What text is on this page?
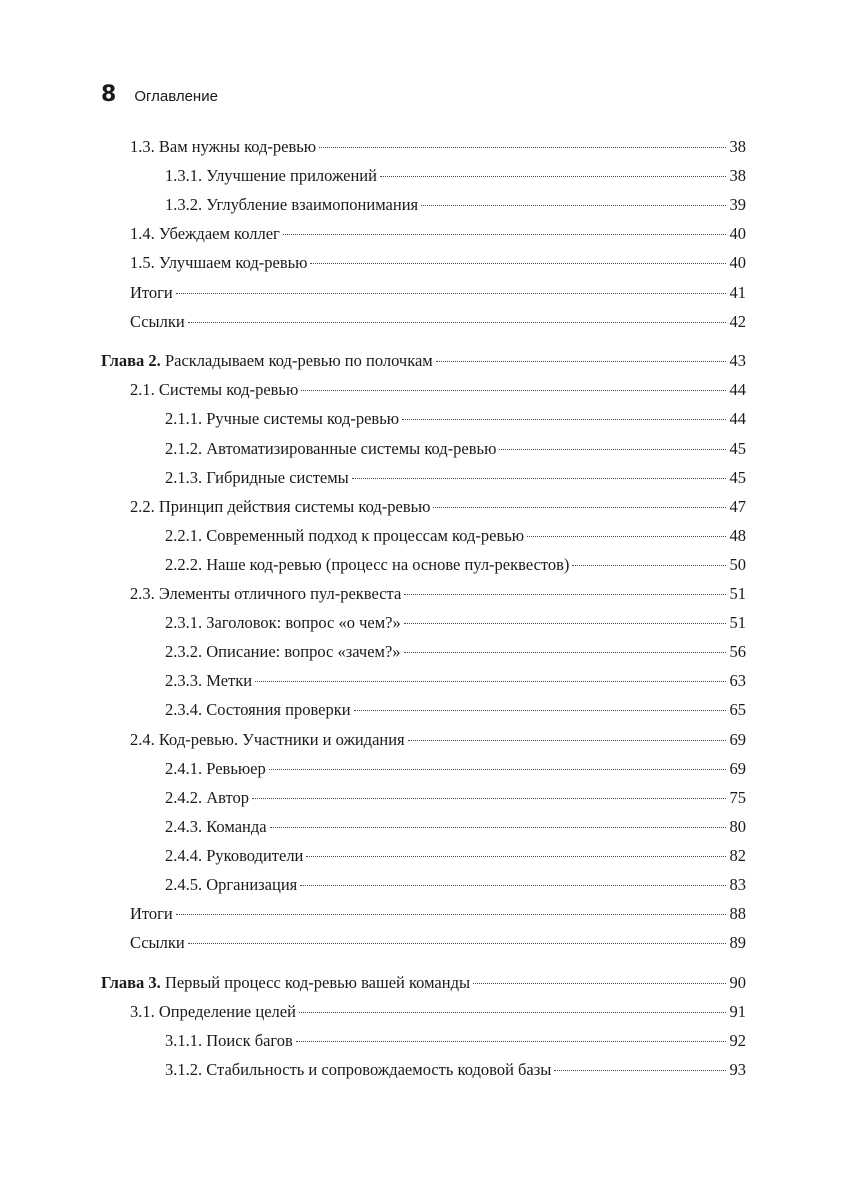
8 Оглавление
1.3. Вам нужны код-ревью	38
1.3.1. Улучшение приложений	38
1.3.2. Углубление взаимопонимания	39
1.4. Убеждаем коллег	40
1.5. Улучшаем код-ревью	40
Итоги	41
Ссылки	42
Глава 2. Раскладываем код-ревью по полочкам	43
2.1. Системы код-ревью	44
2.1.1. Ручные системы код-ревью	44
2.1.2. Автоматизированные системы код-ревью	45
2.1.3. Гибридные системы	45
2.2. Принцип действия системы код-ревью	47
2.2.1. Современный подход к процессам код-ревью	48
2.2.2. Наше код-ревью (процесс на основе пул-реквестов)	50
2.3. Элементы отличного пул-реквеста	51
2.3.1. Заголовок: вопрос «о чем?»	51
2.3.2. Описание: вопрос «зачем?»	56
2.3.3. Метки	63
2.3.4. Состояния проверки	65
2.4. Код-ревью. Участники и ожидания	69
2.4.1. Ревьюер	69
2.4.2. Автор	75
2.4.3. Команда	80
2.4.4. Руководители	82
2.4.5. Организация	83
Итоги	88
Ссылки	89
Глава 3. Первый процесс код-ревью вашей команды	90
3.1. Определение целей	91
3.1.1. Поиск багов	92
3.1.2. Стабильность и сопровождаемость кодовой базы	93
